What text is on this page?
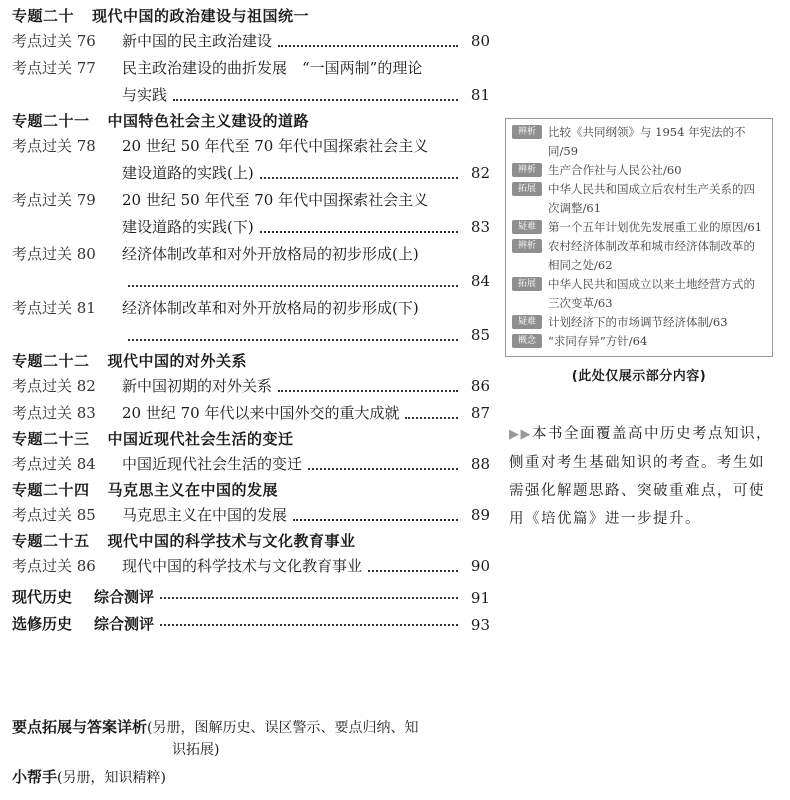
专题二十 现代中国的政治建设与祖国统一
考点过关 76 新中国的民主政治建设	80
考点过关 77 民主政治建设的曲折发展　“一国两制”的理论
与实践	81
专题二十一 中国特色社会主义建设的道路
考点过关 78 20 世纪 50 年代至 70 年代中国探索社会主义
建设道路的实践(上)	82
考点过关 79 20 世纪 50 年代至 70 年代中国探索社会主义
建设道路的实践(下)	83
考点过关 80 经济体制改革和对外开放格局的初步形成(上)
84
考点过关 81 经济体制改革和对外开放格局的初步形成(下)
85
专题二十二 现代中国的对外关系
考点过关 82 新中国初期的对外关系	86
考点过关 83 20 世纪 70 年代以来中国外交的重大成就	87
专题二十三 中国近现代社会生活的变迁
考点过关 84 中国近现代社会生活的变迁	88
专题二十四 马克思主义在中国的发展
考点过关 85 马克思主义在中国的发展	89
专题二十五 现代中国的科学技术与文化教育事业
考点过关 86 现代中国的科学技术与文化教育事业	90
现代历史 综合测评	91
选修历史 综合测评	93
要点拓展与答案详析(另册，图解历史、误区警示、要点归纳、知
识拓展)
小帮手(另册，知识精粹)
辨析	比较《共同纲领》与 1954 年宪法的不同/59
辨析	生产合作社与人民公社/60
拓展	中华人民共和国成立后农村生产关系的四次调整/61
疑难	第一个五年计划优先发展重工业的原因/61
辨析	农村经济体制改革和城市经济体制改革的相同之处/62
拓展	中华人民共和国成立以来土地经营方式的三次变革/63
疑难	计划经济下的市场调节经济体制/63
概念	“求同存异”方针/64
(此处仅展示部分内容)
▶▶本书全面覆盖高中历史考点知识，侧重对考生基础知识的考查。考生如需强化解题思路、突破重难点，可使用《培优篇》进一步提升。
